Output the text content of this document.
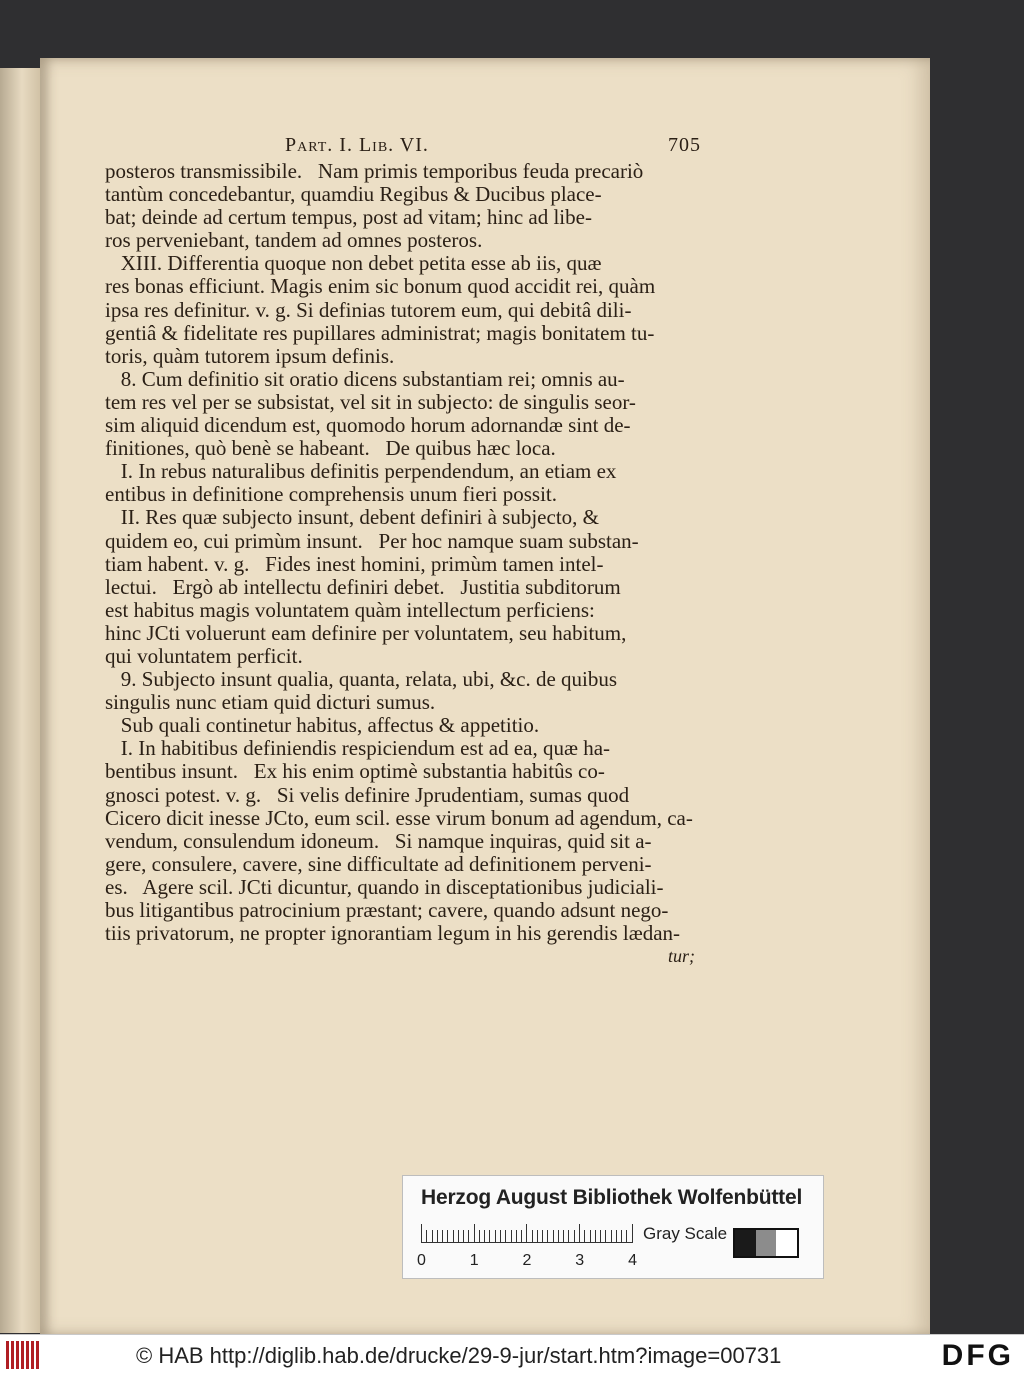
Part. I. Lib. VI.	705
posteros transmissibile.   Nam primis temporibus feuda precariò
tantùm concedebantur, quamdiu Regibus & Ducibus place-
bat; deinde ad certum tempus, post ad vitam; hinc ad libe-
ros perveniebant, tandem ad omnes posteros.
XIII. Differentia quoque non debet petita esse ab iis, quæ
res bonas efficiunt. Magis enim sic bonum quod accidit rei, quàm
ipsa res definitur. v. g. Si definias tutorem eum, qui debitâ dili-
gentiâ & fidelitate res pupillares administrat; magis bonitatem tu-
toris, quàm tutorem ipsum definis.
8. Cum definitio sit oratio dicens substantiam rei; omnis au-
tem res vel per se subsistat, vel sit in subjecto: de singulis seor-
sim aliquid dicendum est, quomodo horum adornandæ sint de-
finitiones, quò benè se habeant.   De quibus hæc loca.
I. In rebus naturalibus definitis perpendendum, an etiam ex
entibus in definitione comprehensis unum fieri possit.
II. Res quæ subjecto insunt, debent definiri à subjecto, &
quidem eo, cui primùm insunt.   Per hoc namque suam substan-
tiam habent. v. g.   Fides inest homini, primùm tamen intel-
lectui.   Ergò ab intellectu definiri debet.   Justitia subditorum
est habitus magis voluntatem quàm intellectum perficiens:
hinc JCti voluerunt eam definire per voluntatem, seu habitum,
qui voluntatem perficit.
9. Subjecto insunt qualia, quanta, relata, ubi, &c. de quibus
singulis nunc etiam quid dicturi sumus.
Sub quali continetur habitus, affectus & appetitio.
I. In habitibus definiendis respiciendum est ad ea, quæ ha-
bentibus insunt.   Ex his enim optimè substantia habitûs co-
gnosci potest. v. g.   Si velis definire Jprudentiam, sumas quod
Cicero dicit inesse JCto, eum scil. esse virum bonum ad agendum, ca-
vendum, consulendum idoneum.   Si namque inquiras, quid sit a-
gere, consulere, cavere, sine difficultate ad definitionem perveni-
es.   Agere scil. JCti dicuntur, quando in disceptationibus judiciali-
bus litigantibus patrocinium præstant; cavere, quando adsunt nego-
tiis privatorum, ne propter ignorantiam legum in his gerendis lædan-
tur;
Herzog August Bibliothek Wolfenbüttel
0	1	2	3	4
Gray Scale
© HAB http://diglib.hab.de/drucke/29-9-jur/start.htm?image=00731	DFG
